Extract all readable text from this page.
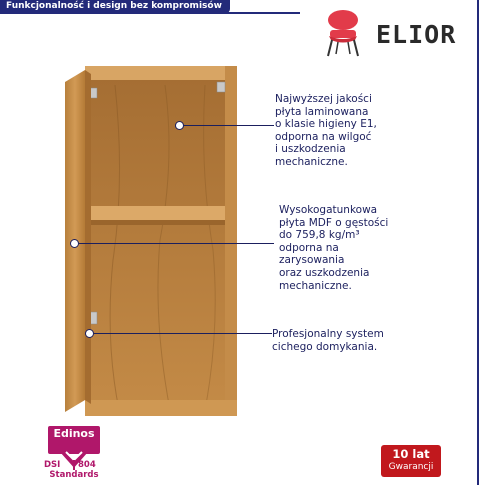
Funkcjonalność i design bez kompromisów
ELIOR
Najwyższej jakości
płyta laminowana
o klasie higieny E1,
odporna na wilgoć
i uszkodzenia
mechaniczne.
Wysokogatunkowa
płyta MDF o gęstości
do 759,8 kg/m³
odporna na
zarysowania
oraz uszkodzenia
mechaniczne.
Profesjonalny system
cichego domykania.
Edinos
DSI 804
Standards
10 lat
Gwarancji
